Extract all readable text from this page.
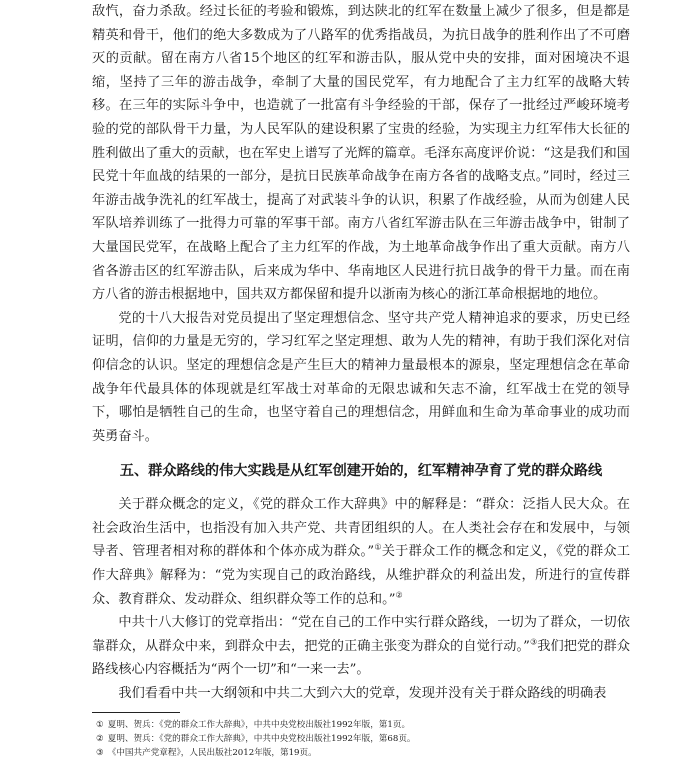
敌忾，奋力杀敌。经过长征的考验和锻炼，到达陕北的红军在数量上减少了很多，但是都是精英和骨干，他们的绝大多数成为了八路军的优秀指战员，为抗日战争的胜利作出了不可磨灭的贡献。留在南方八省15个地区的红军和游击队，服从党中央的安排，面对困境决不退缩，坚持了三年的游击战争，牵制了大量的国民党军，有力地配合了主力红军的战略大转移。在三年的实际斗争中，也造就了一批富有斗争经验的干部，保存了一批经过严峻环境考验的党的部队骨干力量，为人民军队的建设积累了宝贵的经验，为实现主力红军伟大长征的胜利做出了重大的贡献，也在军史上谱写了光辉的篇章。毛泽东高度评价说：“这是我们和国民党十年血战的结果的一部分，是抗日民族革命战争在南方各省的战略支点。”同时，经过三年游击战争洗礼的红军战士，提高了对武装斗争的认识，积累了作战经验，从而为创建人民军队培养训练了一批得力可靠的军事干部。南方八省红军游击队在三年游击战争中，钳制了大量国民党军，在战略上配合了主力红军的作战，为土地革命战争作出了重大贡献。南方八省各游击区的红军游击队，后来成为华中、华南地区人民进行抗日战争的骨干力量。而在南方八省的游击根据地中，国共双方都保留和提升以浙南为核心的浙江革命根据地的地位。

党的十八大报告对党员提出了坚定理想信念、坚守共产党人精神追求的要求，历史已经证明，信仰的力量是无穷的，学习红军之坚定理想、敢为人先的精神，有助于我们深化对信仰信念的认识。坚定的理想信念是产生巨大的精神力量最根本的源泉，坚定理想信念在革命战争年代最具体的体现就是红军战士对革命的无限忠诚和矢志不渝，红军战士在党的领导下，哪怕是牺牲自己的生命，也坚守着自己的理想信念，用鲜血和生命为革命事业的成功而英勇奋斗。

五、群众路线的伟大实践是从红军创建开始的，红军精神孕育了党的群众路线

关于群众概念的定义，《党的群众工作大辞典》中的解释是：“群众：泛指人民大众。在社会政治生活中，也指没有加入共产党、共青团组织的人。在人类社会存在和发展中，与领导者、管理者相对称的群体和个体亦成为群众。”①关于群众工作的概念和定义，《党的群众工作大辞典》解释为：“党为实现自己的政治路线，从维护群众的利益出发，所进行的宣传群众、教育群众、发动群众、组织群众等工作的总和。”②

中共十八大修订的党章指出：“党在自己的工作中实行群众路线，一切为了群众，一切依靠群众，从群众中来，到群众中去，把党的正确主张变为群众的自觉行动。”③我们把党的群众路线核心内容概括为“两个一切”和“一来一去”。

我们看看中共一大纲领和中共二大到六大的党章，发现并没有关于群众路线的明确表

① 夏明、贺兵：《党的群众工作大辞典》，中共中央党校出版社1992年版，第1页。

② 夏明、贺兵：《党的群众工作大辞典》，中共中央党校出版社1992年版，第68页。

③ 《中国共产党章程》，人民出版社2012年版，第19页。
